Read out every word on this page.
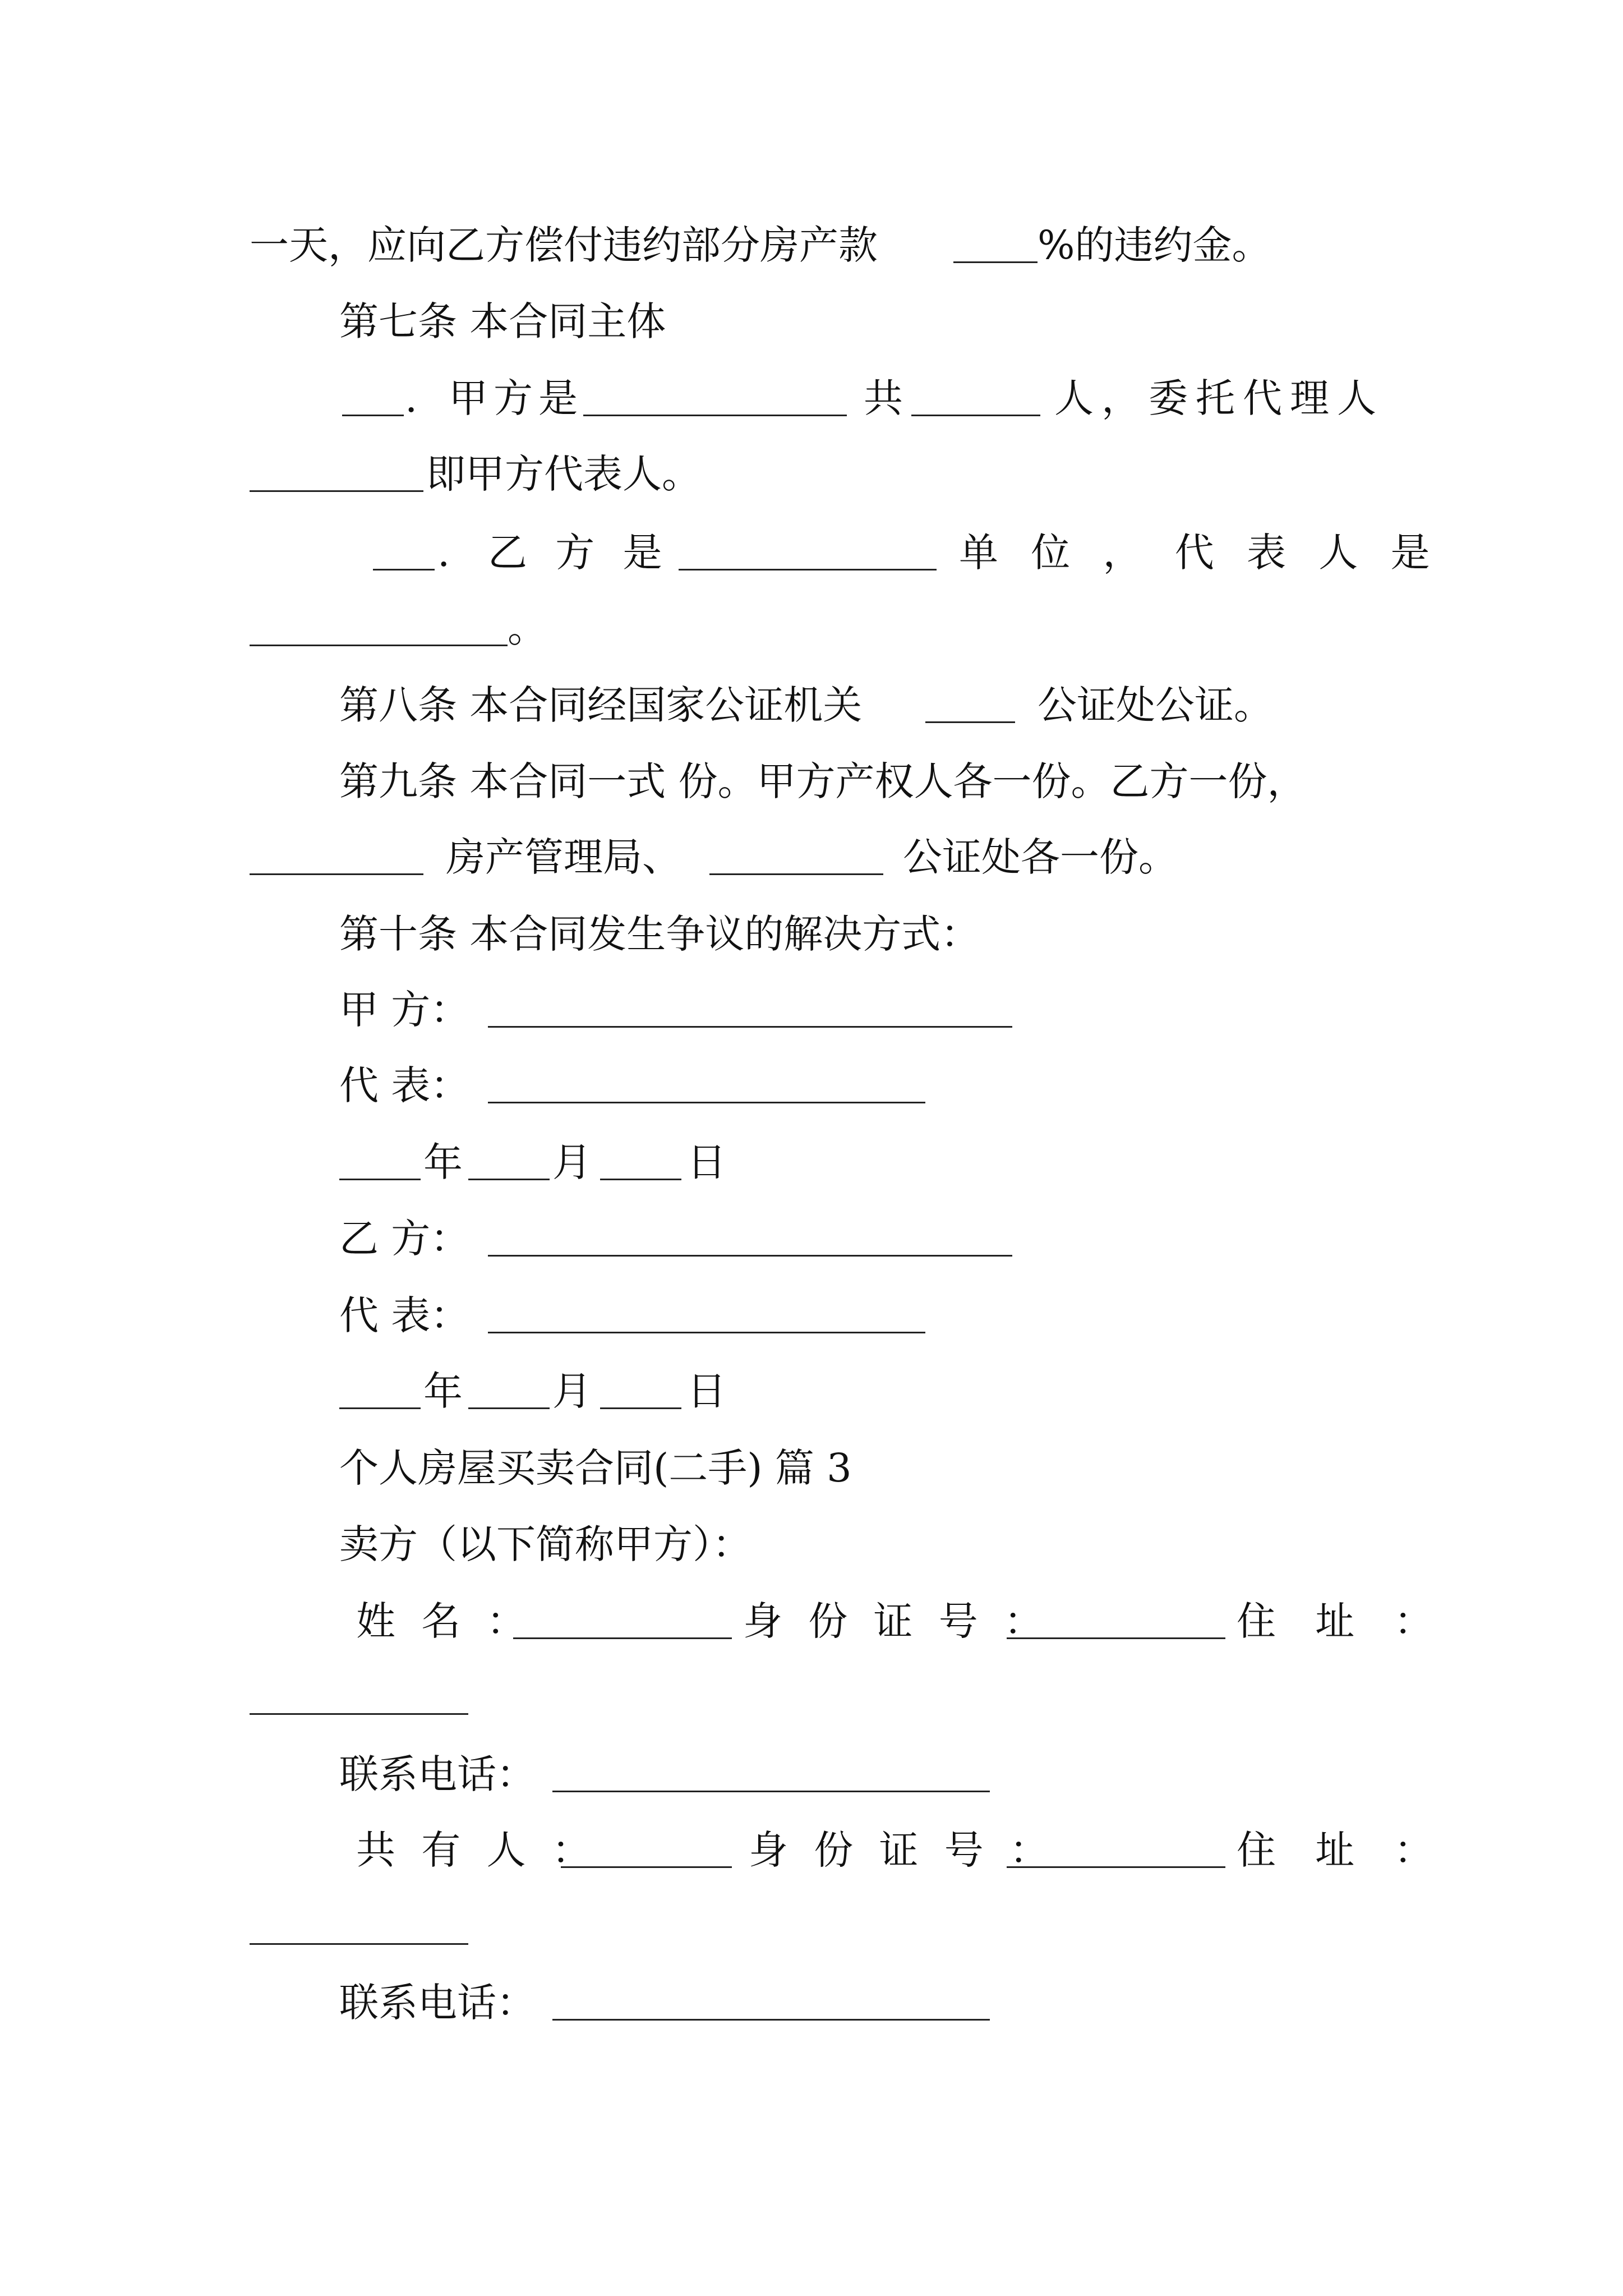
一天，应向乙方偿付违约部分房产款	%的违约金。
第七条 本合同主体
. 甲方是	共	人，委托代理人
即甲方代表人。
. 乙 方 是	单 位 ， 代 表 人 是
。
第八条 本合同经国家公证机关	公证处公证。
第九条 本合同一式 份。甲方产权人各一份。乙方一份，
房产管理局、	公证处各一份。
第十条 本合同发生争议的解决方式：
甲 方：
代 表：
年 月 日
乙 方：
代 表：
年 月 日
个人房屋买卖合同(二手) 篇 3
卖方（以下简称甲方）：
姓 名 ：	身 份 证 号 ：	住 址 ：
联系电话：
共 有 人 ：	身 份 证 号 ：	住 址 ：
联系电话：
